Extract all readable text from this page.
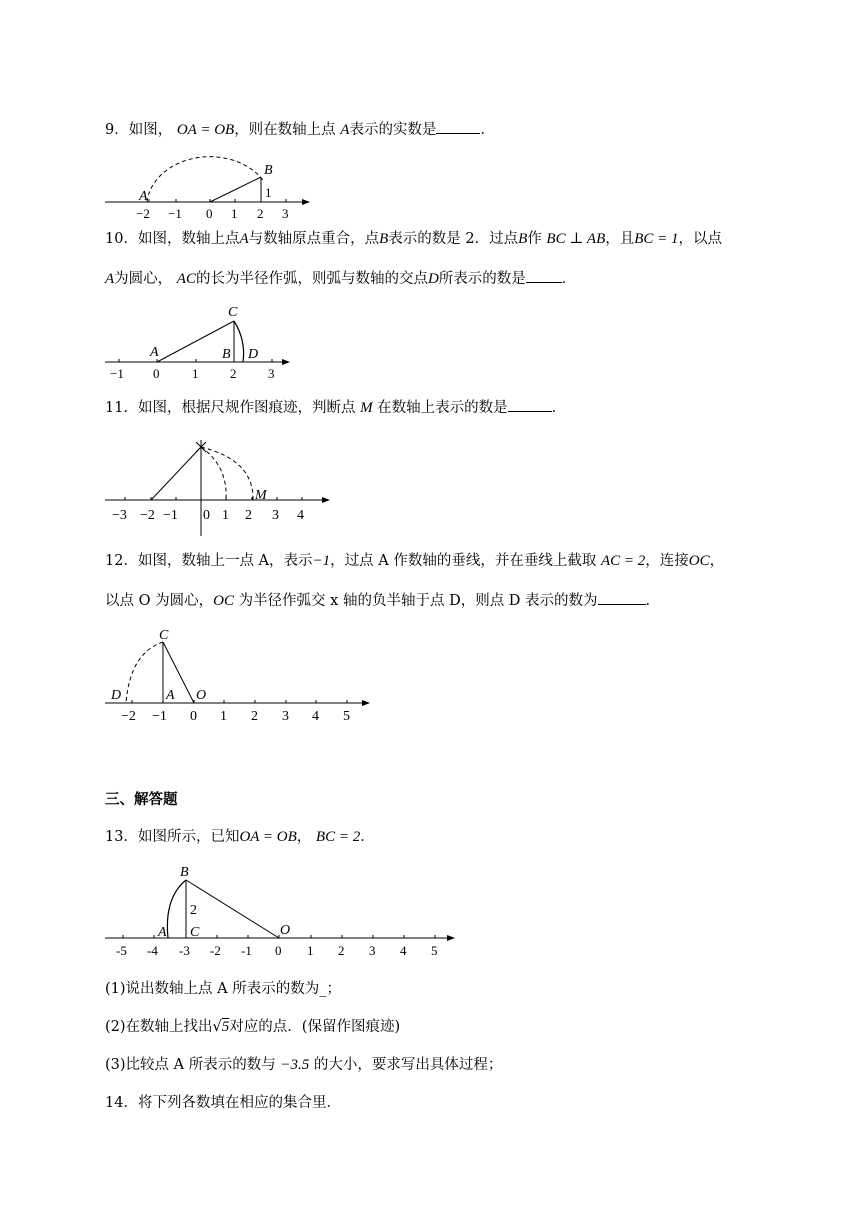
9．如图， OA = OB，则在数轴上点 A表示的实数是	．
−2 −1 0 1 2 3
A
B
1
10．如图，数轴上点A与数轴原点重合，点B表示的数是 2．过点B作 BC ⊥ AB，且BC = 1，以点
A为圆心， AC的长为半径作弧，则弧与数轴的交点D所表示的数是 ．
−1 0	1 2 3
A	B
C
D
11．如图，根据尺规作图痕迹，判断点 M 在数轴上表示的数是	．
−3 −2 −1 0 1 2 3 4
M
12．如图，数轴上一点 A，表示−1，过点 A 作数轴的垂线，并在垂线上截取 AC = 2，连接OC，
以点 O 为圆心，OC 为半径作弧交 x 轴的负半轴于点 D，则点 D 表示的数为	．
−2 −1 0 1 2 3 4 5
C
D	A O
三、解答题
13．如图所示，已知OA = OB， BC = 2．
-5 -4 -3 -2 -1 0 1 2 3 4 5
B
A C	O
2
(1)说出数轴上点 A 所表示的数为_；
(2)在数轴上找出√5对应的点．(保留作图痕迹)
(3)比较点 A 所表示的数与 −3.5 的大小，要求写出具体过程；
14．将下列各数填在相应的集合里．
